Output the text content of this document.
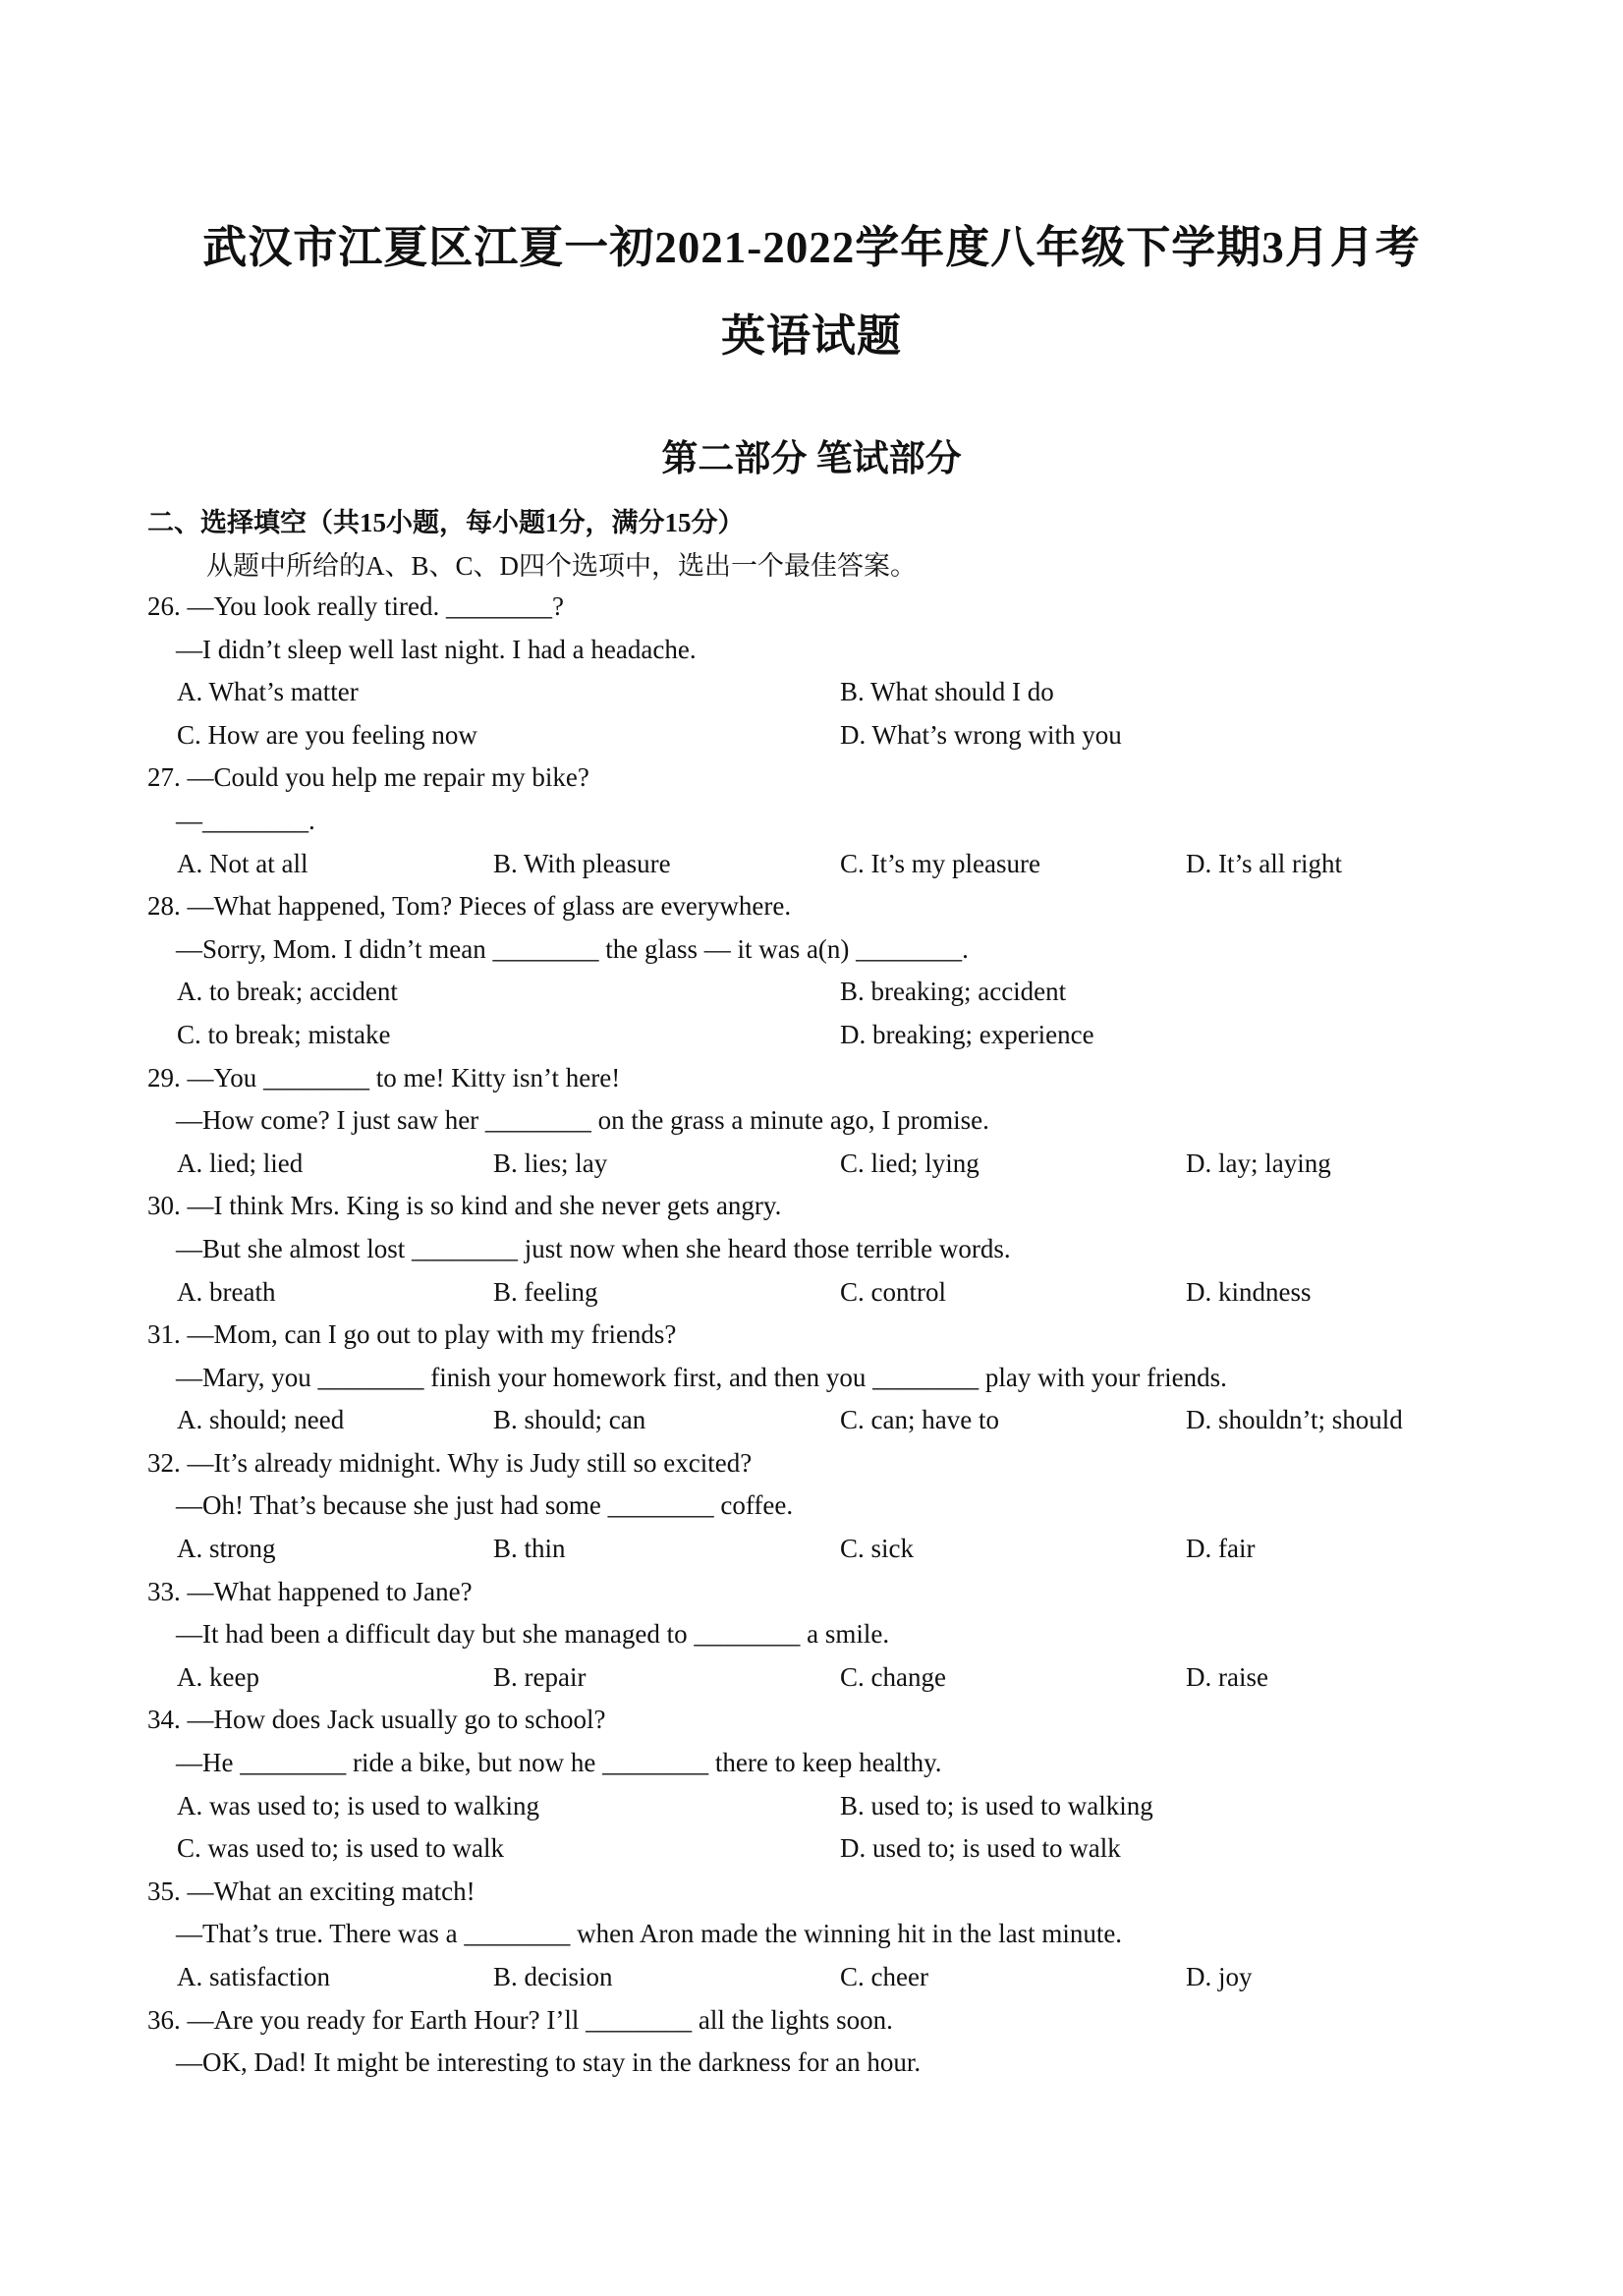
武汉市江夏区江夏一初2021-2022学年度八年级下学期3月月考
英语试题
第二部分 笔试部分
二、选择填空（共15小题，每小题1分，满分15分）
从题中所给的A、B、C、D四个选项中，选出一个最佳答案。
26. —You look really tired. ________?
—I didn’t sleep well last night. I had a headache.
A. What’s matter	B. What should I do
C. How are you feeling now	D. What’s wrong with you
27. —Could you help me repair my bike?
—________.
A. Not at all	B. With pleasure	C. It’s my pleasure	D. It’s all right
28. —What happened, Tom? Pieces of glass are everywhere.
—Sorry, Mom. I didn’t mean ________ the glass — it was a(n) ________.
A. to break; accident	B. breaking; accident
C. to break; mistake	D. breaking; experience
29. —You ________ to me! Kitty isn’t here!
—How come? I just saw her ________ on the grass a minute ago, I promise.
A. lied; lied	B. lies; lay	C. lied; lying	D. lay; laying
30. —I think Mrs. King is so kind and she never gets angry.
—But she almost lost ________ just now when she heard those terrible words.
A. breath	B. feeling	C. control	D. kindness
31. —Mom, can I go out to play with my friends?
—Mary, you ________ finish your homework first, and then you ________ play with your friends.
A. should; need	B. should; can	C. can; have to	D. shouldn’t; should
32. —It’s already midnight. Why is Judy still so excited?
—Oh! That’s because she just had some ________ coffee.
A. strong	B. thin	C. sick	D. fair
33. —What happened to Jane?
—It had been a difficult day but she managed to ________ a smile.
A. keep	B. repair	C. change	D. raise
34. —How does Jack usually go to school?
—He ________ ride a bike, but now he ________ there to keep healthy.
A. was used to; is used to walking	B. used to; is used to walking
C. was used to; is used to walk	D. used to; is used to walk
35. —What an exciting match!
—That’s true. There was a ________ when Aron made the winning hit in the last minute.
A. satisfaction	B. decision	C. cheer	D. joy
36. —Are you ready for Earth Hour? I’ll ________ all the lights soon.
—OK, Dad! It might be interesting to stay in the darkness for an hour.
